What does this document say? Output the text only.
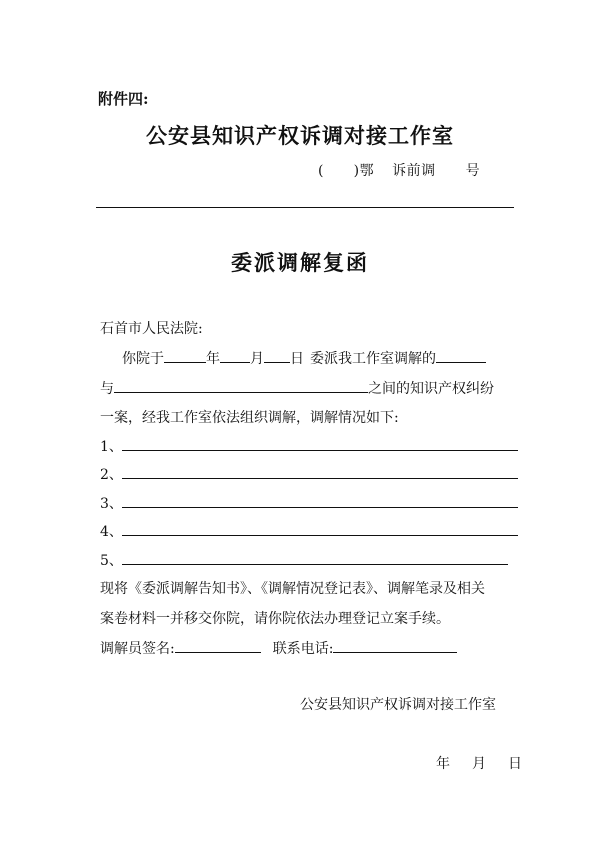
附件四:
公安县知识产权诉调对接工作室
(      )鄂 诉前调 号
委派调解复函
石首市人民法院:
你院于	年 月 日 委派我工作室调解的
与	之间的知识产权纠纷
一案，经我工作室依法组织调解，调解情况如下:
1、
2、
3、
4、
5、
现将《委派调解告知书》、《调解情况登记表》、调解笔录及相关
案卷材料一并移交你院，请你院依法办理登记立案手续。
调解员签名:	联系电话:
公安县知识产权诉调对接工作室
年 月 日
